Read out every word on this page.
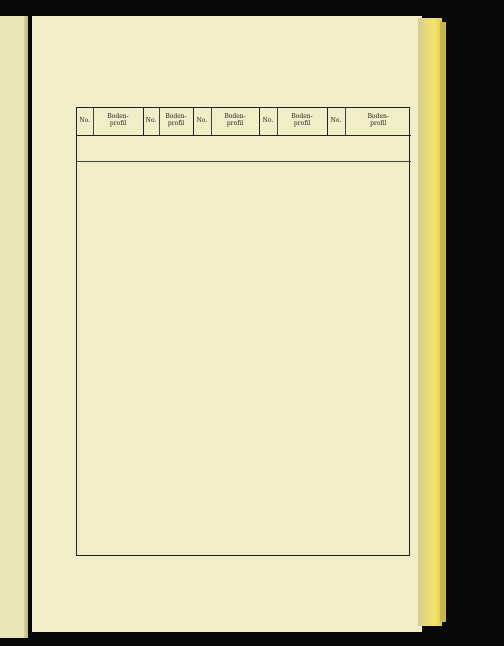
No.	Boden-
profil	No.	Boden-
profil	No.	Boden-
profil	No.	Boden-
profil	No.	Boden-
profil
